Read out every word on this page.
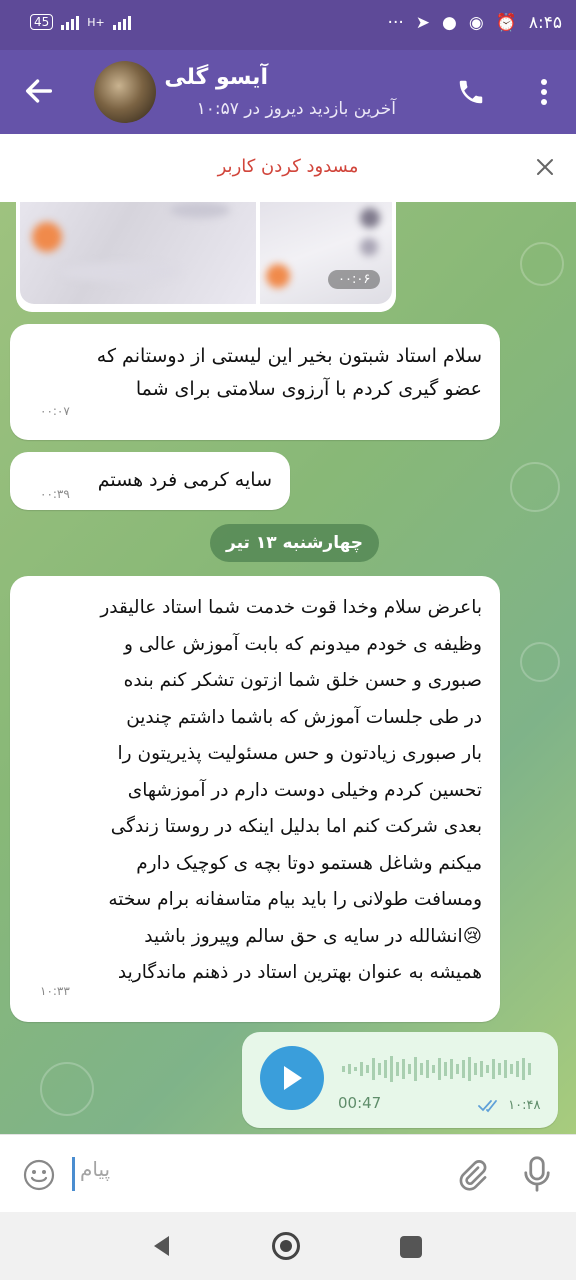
45	H+	··· ➤ ● ◉ ⏰ ۸:۴۵
آیسو گلی
آخرین بازدید دیروز در ۱۰:۵۷
مسدود کردن کاربر
۰۰:۰۶
سلام استاد شبتون بخیر این لیستی از دوستانم که
عضو گیری کردم با آرزوی سلامتی برای شما
۰۰:۰۷
سایه کرمی فرد هستم
۰۰:۳۹
چهارشنبه ۱۳ تیر
باعرض سلام وخدا قوت خدمت شما استاد عالیقدر
وظیفه ی خودم میدونم که بابت آموزش عالی و
صبوری و حسن خلق شما ازتون تشکر کنم بنده
در طی جلسات آموزش که باشما داشتم چندین
بار صبوری زیادتون و حس مسئولیت پذیریتون را
تحسین کردم وخیلی دوست دارم در آموزشهای
بعدی شرکت کنم اما بدلیل اینکه در روستا زندگی
میکنم وشاغل هستمو دوتا بچه ی کوچیک دارم
ومسافت طولانی را باید بیام متاسفانه برام سخته
😢انشالله در سایه ی حق سالم وپیروز باشید
همیشه به عنوان بهترین استاد در ذهنم ماندگارید
۱۰:۳۳
00:47	۱۰:۴۸
پیام
